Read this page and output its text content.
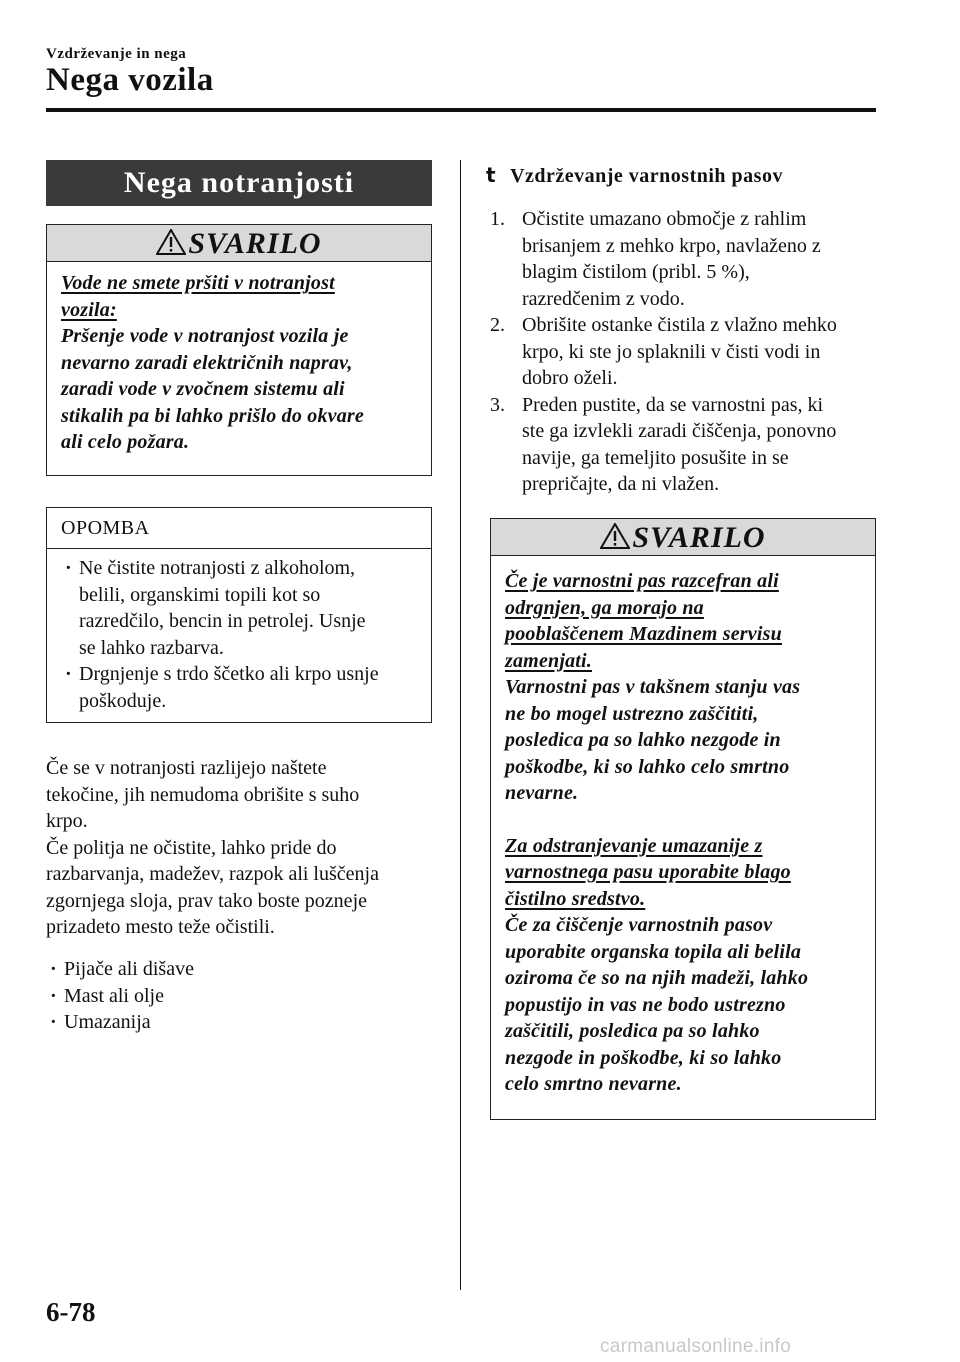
Vzdrževanje in nega
Nega vozila
Nega notranjosti
SVARILO

Vode ne smete pršiti v notranjost

vozila:

Pršenje vode v notranjost vozila je

nevarno zaradi električnih naprav,

zaradi vode v zvočnem sistemu ali

stikalih pa bi lahko prišlo do okvare

ali celo požara.

OPOMBA
· Ne čistite notranjosti z alkoholom,
belili, organskimi topili kot so
razredčilo, bencin in petrolej. Usnje
se lahko razbarva.
· Drgnjenje s trdo ščetko ali krpo usnje
poškoduje.

Če se v notranjosti razlijejo naštete

tekočine, jih nemudoma obrišite s suho

krpo.

Če politja ne očistite, lahko pride do

razbarvanja, madežev, razpok ali luščenja

zgornjega sloja, prav tako boste pozneje

prizadeto mesto teže očistili.

· Pijače ali dišave
· Mast ali olje
· Umazanija
t Vzdrževanje varnostnih pasov
1. Očistite umazano območje z rahlim
brisanjem z mehko krpo, navlaženo z
blagim čistilom (pribl. 5 %),
razredčenim z vodo.
2. Obrišite ostanke čistila z vlažno mehko
krpo, ki ste jo splaknili v čisti vodi in
dobro oželi.
3. Preden pustite, da se varnostni pas, ki
ste ga izvlekli zaradi čiščenja, ponovno
navije, ga temeljito posušite in se
prepričajte, da ni vlažen.
SVARILO

Če je varnostni pas razcefran ali

odrgnjen, ga morajo na

pooblaščenem Mazdinem servisu

zamenjati.

Varnostni pas v takšnem stanju vas

ne bo mogel ustrezno zaščititi,

posledica pa so lahko nezgode in

poškodbe, ki so lahko celo smrtno

nevarne.

Za odstranjevanje umazanije z

varnostnega pasu uporabite blago

čistilno sredstvo.

Če za čiščenje varnostnih pasov

uporabite organska topila ali belila

oziroma če so na njih madeži, lahko

popustijo in vas ne bodo ustrezno

zaščitili, posledica pa so lahko

nezgode in poškodbe, ki so lahko

celo smrtno nevarne.

6-78
carmanualsonline.info
